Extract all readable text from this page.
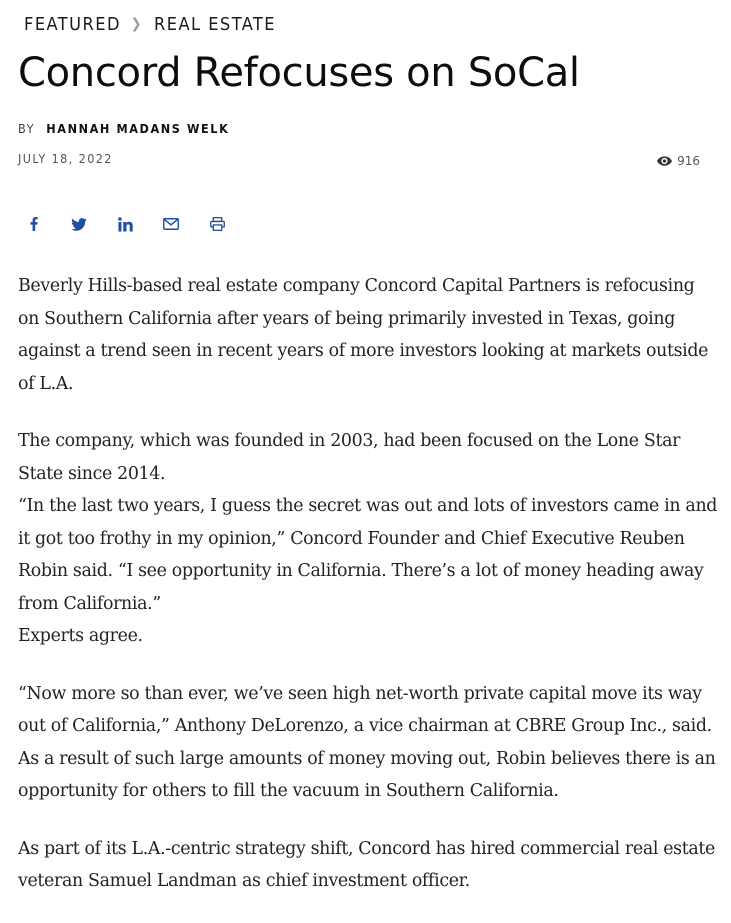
FEATURED ❯ REAL ESTATE
Concord Refocuses on SoCal
BY HANNAH MADANS WELK
JULY 18, 2022	916

Beverly Hills-based real estate company Concord Capital Partners is refocusing on Southern California after years of being primarily invested in Texas, going against a trend seen in recent years of more investors looking at markets outside of L.A.

The company, which was founded in 2003, had been focused on the Lone Star State since 2014.
“In the last two years, I guess the secret was out and lots of investors came in and it got too frothy in my opinion,” Concord Founder and Chief Executive Reuben Robin said. “I see opportunity in California. There’s a lot of money heading away from California.”
Experts agree.

“Now more so than ever, we’ve seen high net-worth private capital move its way out of California,” Anthony DeLorenzo, a vice chairman at CBRE Group Inc., said.
As a result of such large amounts of money moving out, Robin believes there is an opportunity for others to fill the vacuum in Southern California.

As part of its L.A.-centric strategy shift, Concord has hired commercial real estate veteran Samuel Landman as chief investment officer.
